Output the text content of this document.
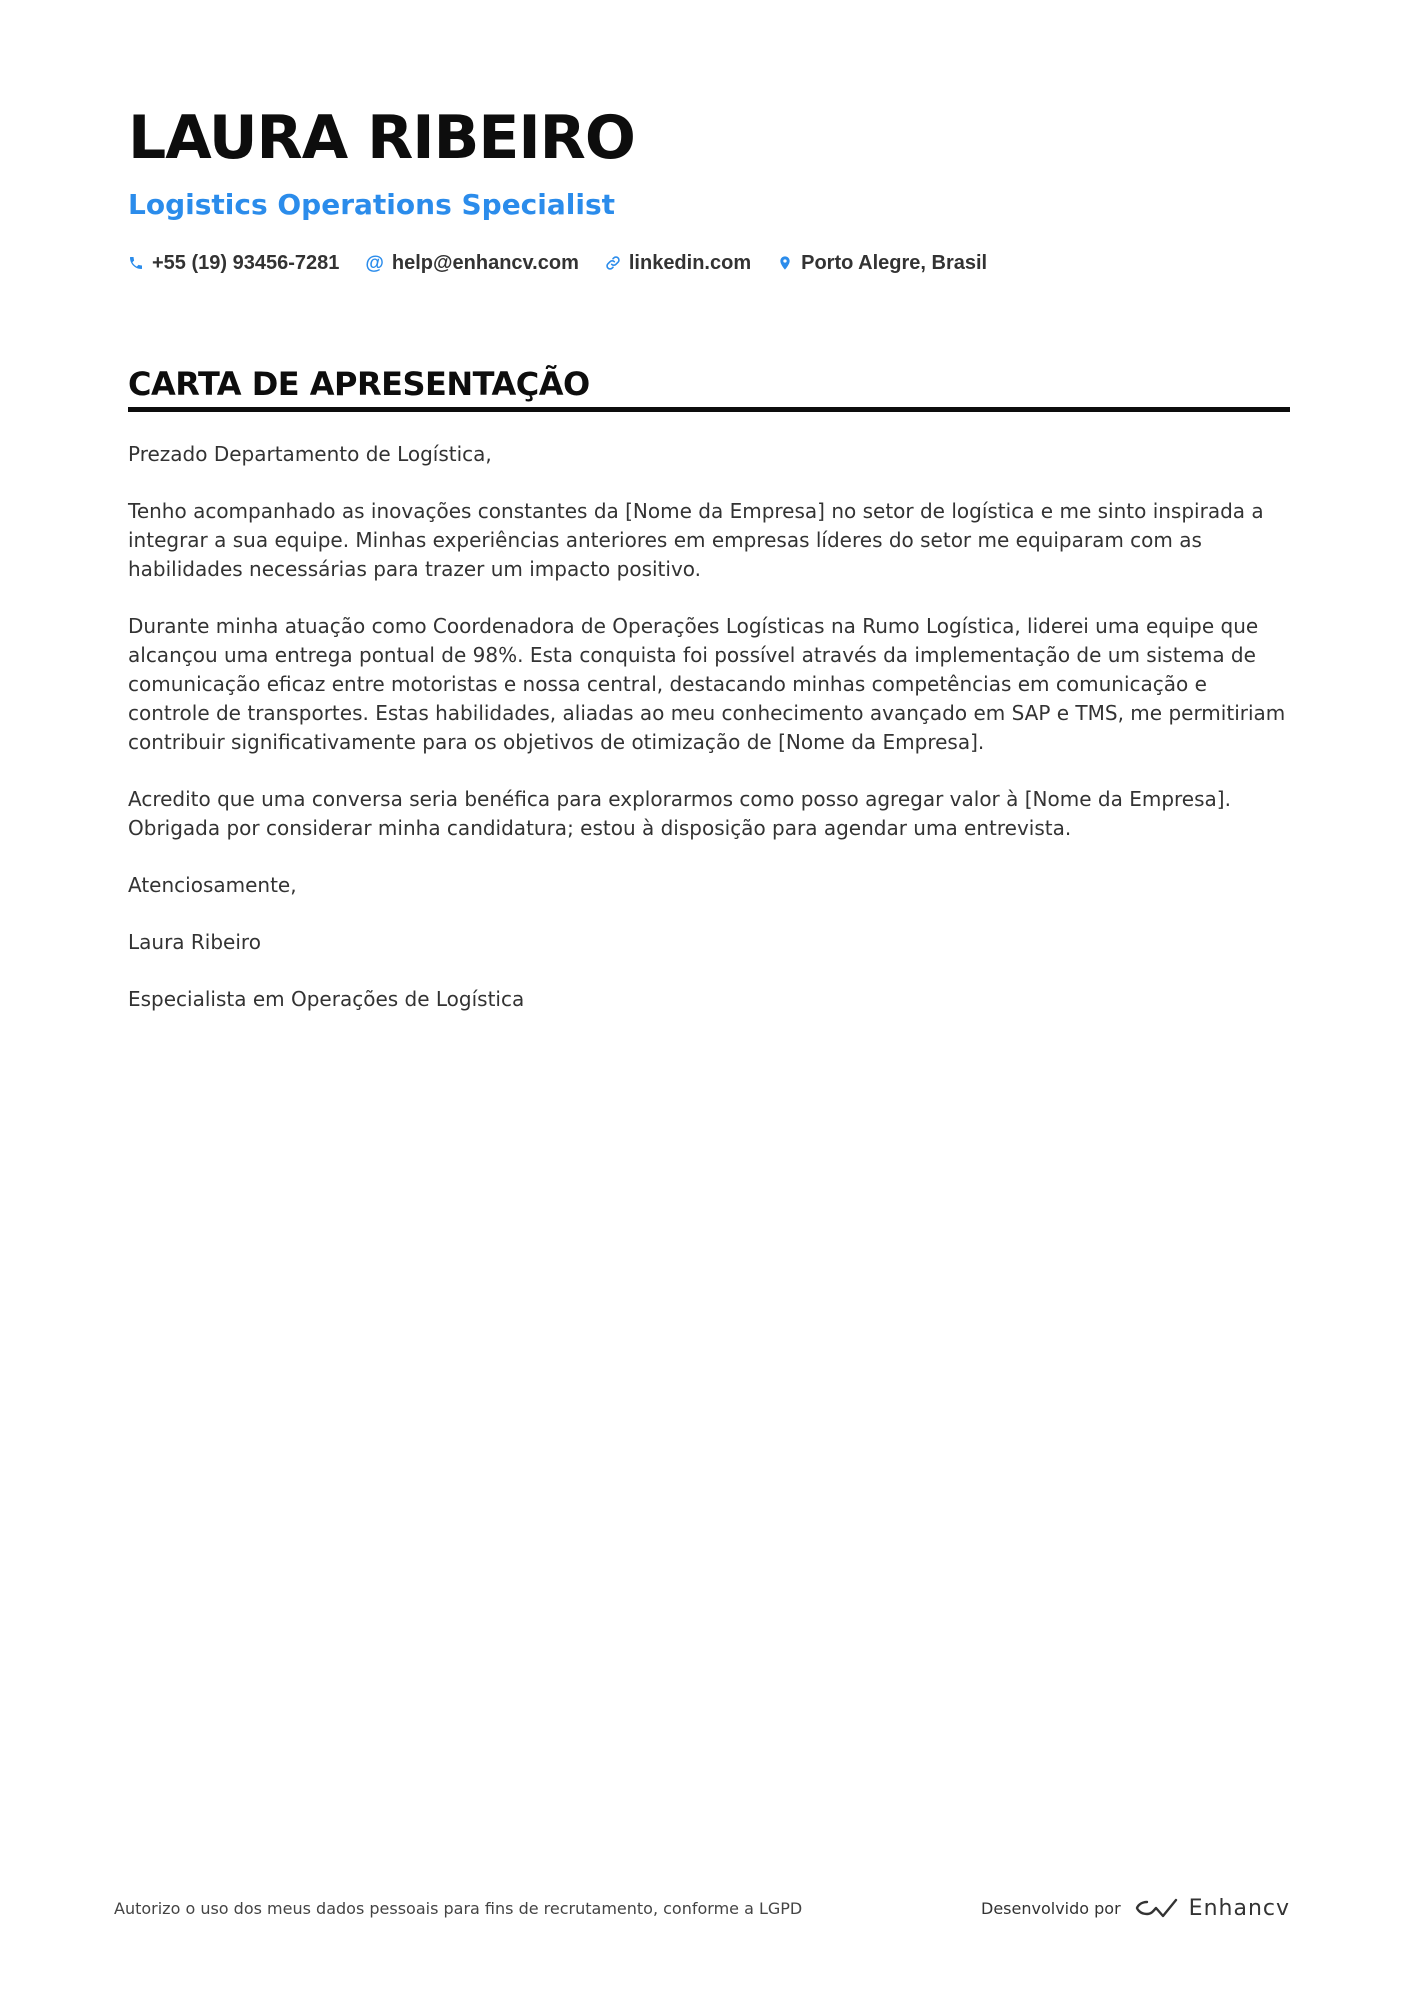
LAURA RIBEIRO
Logistics Operations Specialist
+55 (19) 93456-7281 @ help@enhancv.com	linkedin.com	Porto Alegre, Brasil
CARTA DE APRESENTAÇÃO

Prezado Departamento de Logística,

Tenho acompanhado as inovações constantes da [Nome da Empresa] no setor de logística e me sinto inspirada a integrar a sua equipe. Minhas experiências anteriores em empresas líderes do setor me equiparam com as habilidades necessárias para trazer um impacto positivo.

Durante minha atuação como Coordenadora de Operações Logísticas na Rumo Logística, liderei uma equipe que alcançou uma entrega pontual de 98%. Esta conquista foi possível através da implementação de um sistema de comunicação eficaz entre motoristas e nossa central, destacando minhas competências em comunicação e controle de transportes. Estas habilidades, aliadas ao meu conhecimento avançado em SAP e TMS, me permitiriam contribuir significativamente para os objetivos de otimização de [Nome da Empresa].

Acredito que uma conversa seria benéfica para explorarmos como posso agregar valor à [Nome da Empresa]. Obrigada por considerar minha candidatura; estou à disposição para agendar uma entrevista.

Atenciosamente,

Laura Ribeiro

Especialista em Operações de Logística

Autorizo o uso dos meus dados pessoais para fins de recrutamento, conforme a LGPD	Desenvolvido por	Enhancv
